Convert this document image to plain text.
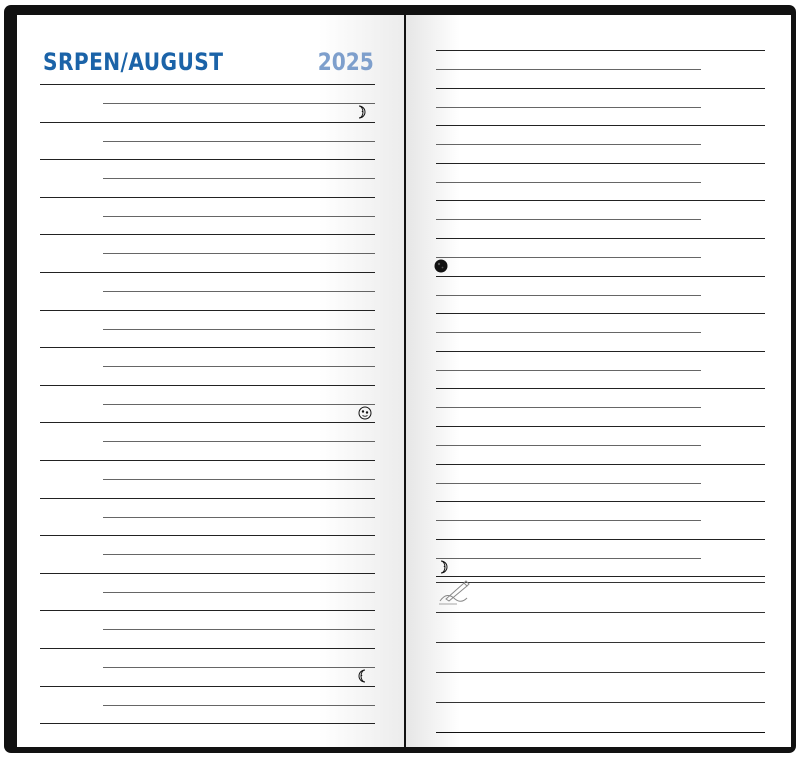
SRPEN/AUGUST	2025
